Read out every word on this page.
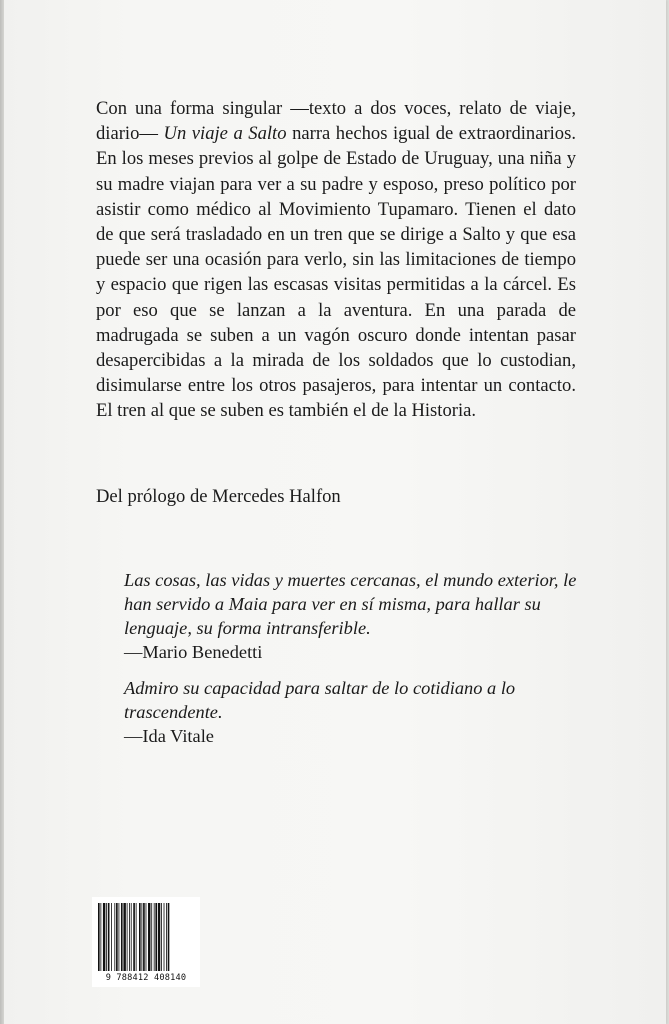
Con una forma singular —texto a dos voces, relato de viaje, diario— Un viaje a Salto narra hechos igual de extraordinarios. En los meses previos al golpe de Estado de Uruguay, una niña y su madre viajan para ver a su padre y esposo, preso político por asistir como médico al Movimiento Tupamaro. Tienen el dato de que será trasladado en un tren que se dirige a Salto y que esa puede ser una ocasión para verlo, sin las limitaciones de tiempo y espacio que rigen las escasas visitas permitidas a la cárcel. Es por eso que se lanzan a la aventura. En una parada de madrugada se suben a un vagón oscuro donde intentan pasar desapercibidas a la mirada de los soldados que lo custodian, disimularse entre los otros pasajeros, para intentar un contacto. El tren al que se suben es también el de la Historia.

Del prólogo de Mercedes Halfon

Las cosas, las vidas y muertes cercanas, el mundo exterior, le han servido a Maia para ver en sí misma, para hallar su lenguaje, su forma intransferible.
—Mario Benedetti
Admiro su capacidad para saltar de lo cotidiano a lo trascendente.
—Ida Vitale
9 788412 408140
